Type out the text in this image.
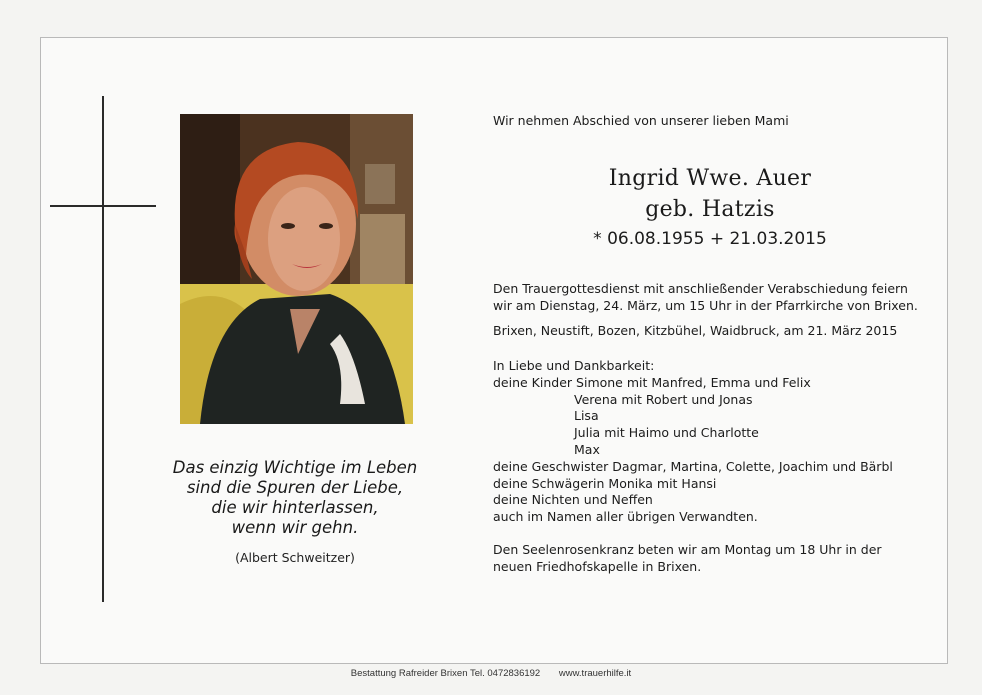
Das einzig Wichtige im Leben
sind die Spuren der Liebe,
die wir hinterlassen,
wenn wir gehn.
(Albert Schweitzer)
Wir nehmen Abschied von unserer lieben Mami
Ingrid Wwe. Auer
geb. Hatzis
* 06.08.1955 + 21.03.2015
Den Trauergottesdienst mit anschließender Verabschiedung feiern
wir am Dienstag, 24. März, um 15 Uhr in der Pfarrkirche von Brixen.
Brixen, Neustift, Bozen, Kitzbühel, Waidbruck, am 21. März 2015
In Liebe und Dankbarkeit:
deine Kinder Simone mit Manfred, Emma und Felix
Verena mit Robert und Jonas
Lisa
Julia mit Haimo und Charlotte
Max
deine Geschwister Dagmar, Martina, Colette, Joachim und Bärbl
deine Schwägerin Monika mit Hansi
deine Nichten und Neffen
auch im Namen aller übrigen Verwandten.
Den Seelenrosenkranz beten wir am Montag um 18 Uhr in der
neuen Friedhofskapelle in Brixen.
Bestattung Rafreider Brixen Tel. 0472836192 www.trauerhilfe.it
